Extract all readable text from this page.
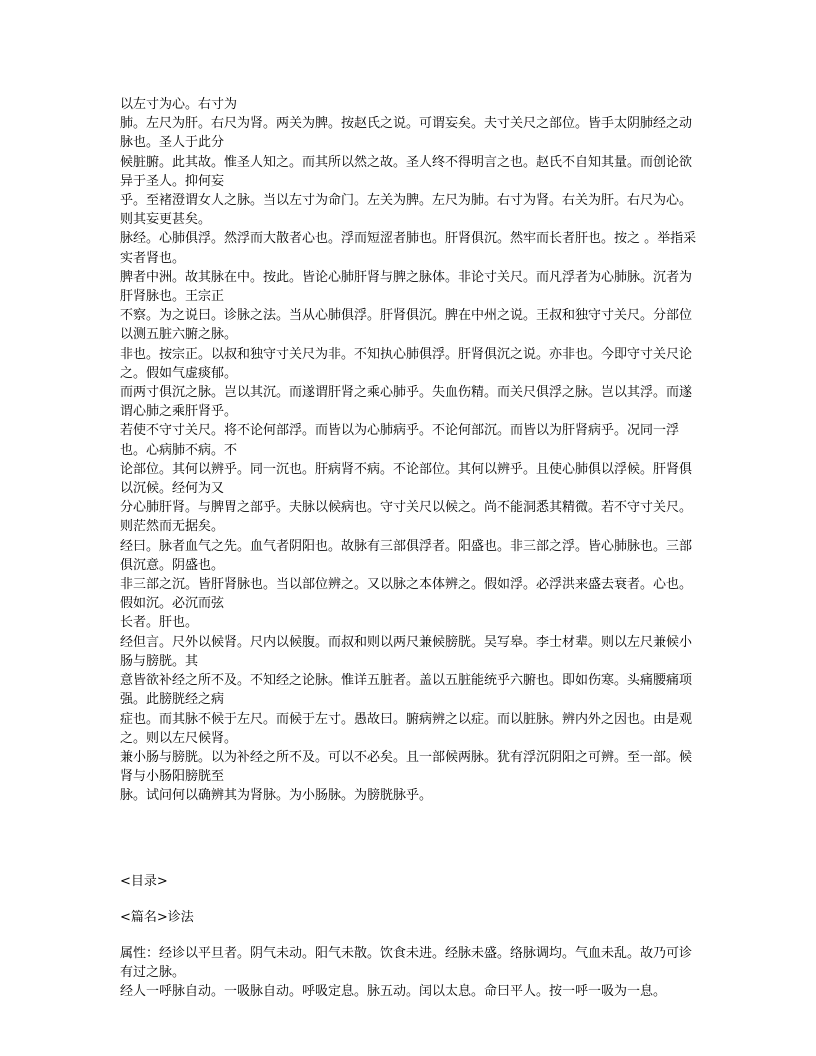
以左寸为心。右寸为

肺。左尺为肝。右尺为肾。两关为脾。按赵氏之说。可谓妄矣。夫寸关尺之部位。皆手太阴肺经之动脉也。圣人于此分

候脏腑。此其故。惟圣人知之。而其所以然之故。圣人终不得明言之也。赵氏不自知其量。而创论欲异于圣人。抑何妄

乎。至褚澄谓女人之脉。当以左寸为命门。左关为脾。左尺为肺。右寸为肾。右关为肝。右尺为心。则其妄更甚矣。

脉经。心肺俱浮。然浮而大散者心也。浮而短涩者肺也。肝肾俱沉。然牢而长者肝也。按之 。举指采实者肾也。

脾者中洲。故其脉在中。按此。皆论心肺肝肾与脾之脉体。非论寸关尺。而凡浮者为心肺脉。沉者为肝肾脉也。王宗正

不察。为之说曰。诊脉之法。当从心肺俱浮。肝肾俱沉。脾在中州之说。王叔和独守寸关尺。分部位以测五脏六腑之脉。

非也。按宗正。以叔和独守寸关尺为非。不知执心肺俱浮。肝肾俱沉之说。亦非也。今即守寸关尺论之。假如气虚痰郁。

而两寸俱沉之脉。岂以其沉。而遂谓肝肾之乘心肺乎。失血伤精。而关尺俱浮之脉。岂以其浮。而遂谓心肺之乘肝肾乎。

若使不守寸关尺。将不论何部浮。而皆以为心肺病乎。不论何部沉。而皆以为肝肾病乎。况同一浮也。心病肺不病。不

论部位。其何以辨乎。同一沉也。肝病肾不病。不论部位。其何以辨乎。且使心肺俱以浮候。肝肾俱以沉候。经何为又

分心肺肝肾。与脾胃之部乎。夫脉以候病也。守寸关尺以候之。尚不能洞悉其精微。若不守寸关尺。则茫然而无据矣。

经曰。脉者血气之先。血气者阴阳也。故脉有三部俱浮者。阳盛也。非三部之浮。皆心肺脉也。三部俱沉意。阴盛也。

非三部之沉。皆肝肾脉也。当以部位辨之。又以脉之本体辨之。假如浮。必浮洪来盛去衰者。心也。假如沉。必沉而弦

长者。肝也。

经但言。尺外以候肾。尺内以候腹。而叔和则以两尺兼候膀胱。吴写皋。李士材辈。则以左尺兼候小肠与膀胱。其

意皆欲补经之所不及。不知经之论脉。惟详五脏者。盖以五脏能统乎六腑也。即如伤寒。头痛腰痛项强。此膀胱经之病

症也。而其脉不候于左尺。而候于左寸。愚故曰。腑病辨之以症。而以脏脉。辨内外之因也。由是观之。则以左尺候肾。

兼小肠与膀胱。以为补经之所不及。可以不必矣。且一部候两脉。犹有浮沉阴阳之可辨。至一部。候肾与小肠阳膀胱至

脉。试问何以确辨其为肾脉。为小肠脉。为膀胱脉乎。

<目录>

<篇名>诊法

属性：经诊以平旦者。阴气未动。阳气未散。饮食未进。经脉未盛。络脉调均。气血未乱。故乃可诊有过之脉。

经人一呼脉自动。一吸脉自动。呼吸定息。脉五动。闰以太息。命曰平人。按一呼一吸为一息。
